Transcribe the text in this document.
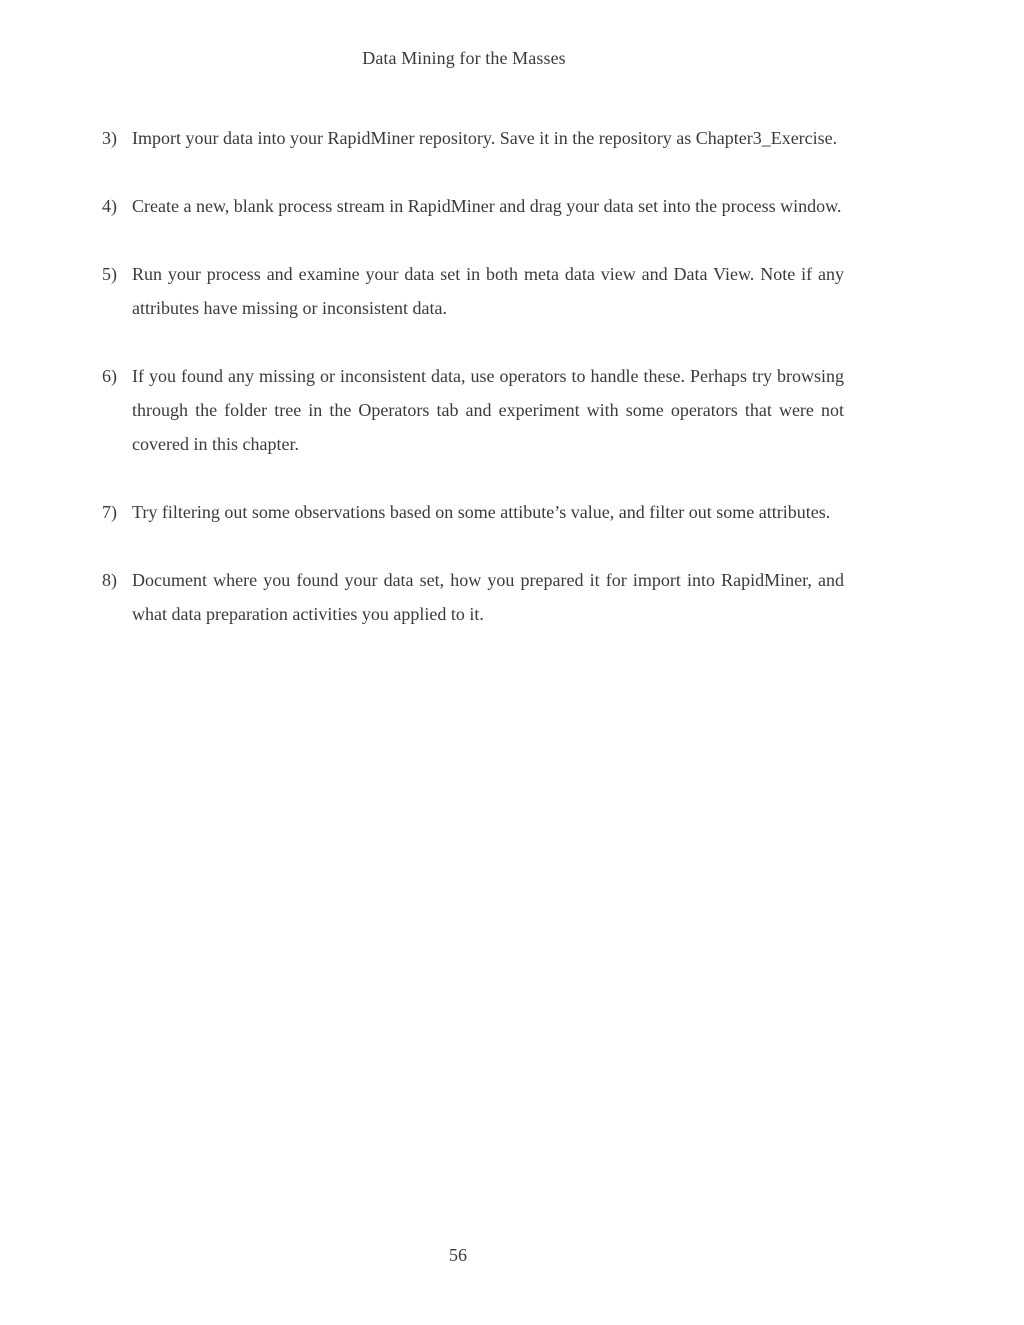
Data Mining for the Masses
3) Import your data into your RapidMiner repository. Save it in the repository as Chapter3_Exercise.
4) Create a new, blank process stream in RapidMiner and drag your data set into the process window.
5) Run your process and examine your data set in both meta data view and Data View. Note if any attributes have missing or inconsistent data.
6) If you found any missing or inconsistent data, use operators to handle these. Perhaps try browsing through the folder tree in the Operators tab and experiment with some operators that were not covered in this chapter.
7) Try filtering out some observations based on some attibute’s value, and filter out some attributes.
8) Document where you found your data set, how you prepared it for import into RapidMiner, and what data preparation activities you applied to it.
56
